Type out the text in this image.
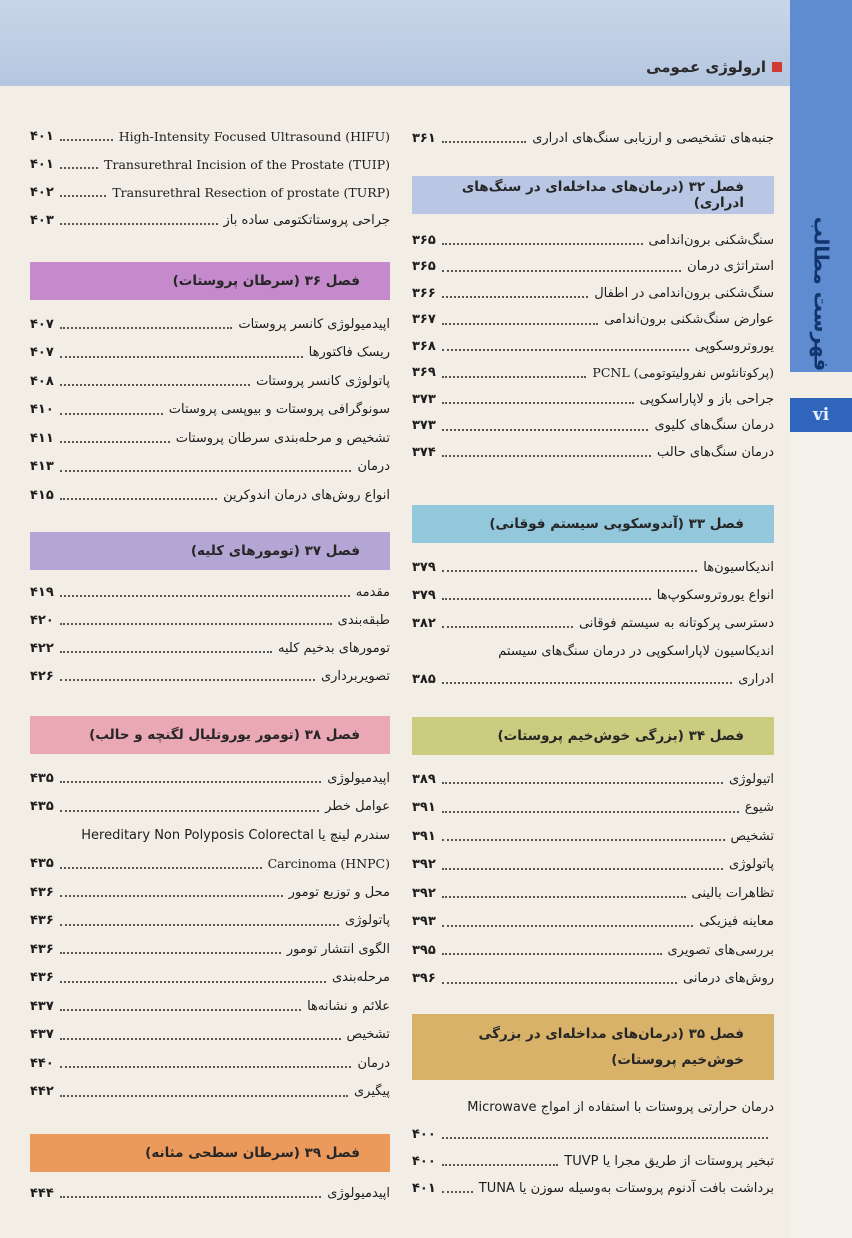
ارولوژی عمومی
فهرست مطالب
vi
جنبه‌های تشخیصی و ارزیابی سنگ‌های ادراری
۳۶۱
فصل ۳۲ (درمان‌های مداخله‌ای در سنگ‌های ادراری)
سنگ‌شکنی برون‌اندامی
۳۶۵
استراتژی درمان
۳۶۵
سنگ‌شکنی برون‌اندامی در اطفال
۳۶۶
عوارض سنگ‌شکنی برون‌اندامی
۳۶۷
یوروتروسکوپی
۳۶۸
PCNL (پرکوتانئوس نفرولیتوتومی)
۳۶۹
جراحی باز و لاپاراسکوپی
۳۷۳
درمان سنگ‌های کلیوی
۳۷۳
درمان سنگ‌های حالب
۳۷۴
فصل ۳۳ (آندوسکوپی سیستم فوقانی)
اندیکاسیون‌ها
۳۷۹
انواع یوروتروسکوپ‌ها
۳۷۹
دسترسی پرکوتانه به سیستم فوقانی
۳۸۲
اندیکاسیون لاپاراسکوپی در درمان سنگ‌های سیستم
ادراری
۳۸۵
فصل ۳۴ (بزرگی خوش‌خیم پروستات)
اتیولوژی
۳۸۹
شیوع
۳۹۱
تشخیص
۳۹۱
پاتولوژی
۳۹۲
تظاهرات بالینی
۳۹۲
معاینه فیزیکی
۳۹۳
بررسی‌های تصویری
۳۹۵
روش‌های درمانی
۳۹۶
فصل ۳۵ (درمان‌های مداخله‌ای در بزرگی خوش‌خیم پروستات)
درمان حرارتی پروستات با استفاده از امواج Microwave
۴۰۰
تبخیر پروستات از طریق مجرا یا TUVP
۴۰۰
برداشت بافت آدنوم پروستات به‌وسیله سوزن یا TUNA
۴۰۱
High-Intensity Focused Ultrasound (HIFU)
۴۰۱
Transurethral Incision of the Prostate (TUIP)
۴۰۱
Transurethral Resection of prostate (TURP)
۴۰۲
جراحی پروستاتکتومی ساده باز
۴۰۳
فصل ۳۶ (سرطان پروستات)
اپیدمیولوژی کانسر پروستات
۴۰۷
ریسک فاکتورها
۴۰۷
پاتولوژی کانسر پروستات
۴۰۸
سونوگرافی پروستات و بیوپسی پروستات
۴۱۰
تشخیص و مرحله‌بندی سرطان پروستات
۴۱۱
درمان
۴۱۳
انواع روش‌های درمان اندوکرین
۴۱۵
فصل ۳۷ (تومورهای کلیه)
مقدمه
۴۱۹
طبقه‌بندی
۴۲۰
تومورهای بدخیم کلیه
۴۲۲
تصویربرداری
۴۲۶
فصل ۳۸ (تومور یوروتلیال لگنچه و حالب)
اپیدمیولوژی
۴۳۵
عوامل خطر
۴۳۵
سندرم لینچ یا Hereditary Non Polyposis Colorectal
Carcinoma (HNPC)
۴۳۵
محل و توزیع تومور
۴۳۶
پاتولوژی
۴۳۶
الگوی انتشار تومور
۴۳۶
مرحله‌بندی
۴۳۶
علائم و نشانه‌ها
۴۳۷
تشخیص
۴۳۷
درمان
۴۴۰
پیگیری
۴۴۲
فصل ۳۹ (سرطان سطحی مثانه)
اپیدمیولوژی
۴۴۴
